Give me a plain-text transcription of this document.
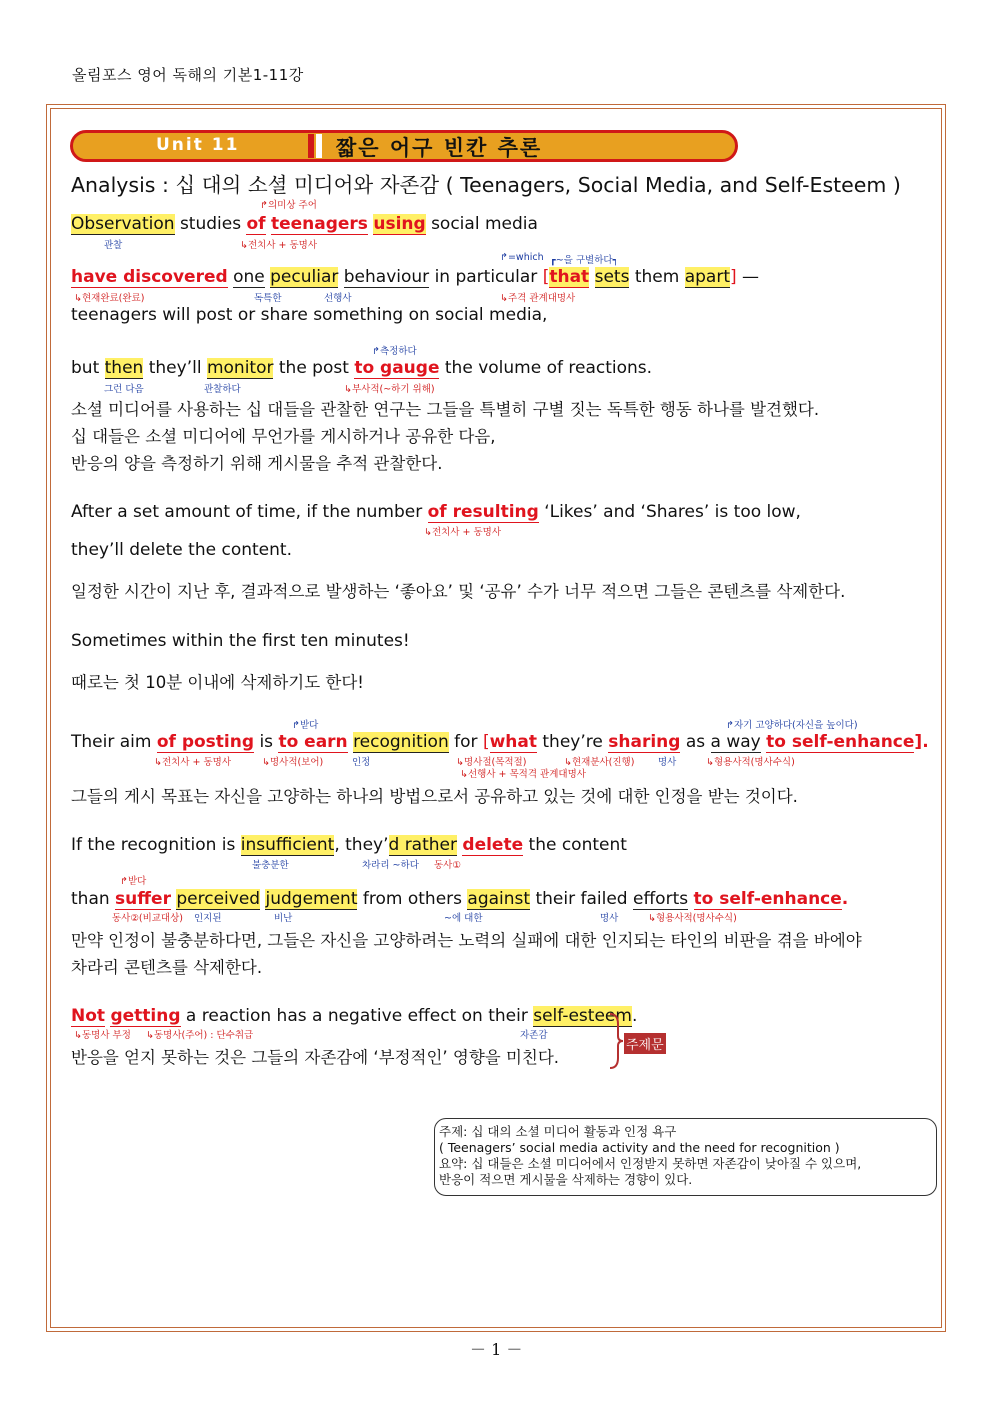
올림포스 영어 독해의 기본1-11강
Unit 11	짧은 어구 빈칸 추론
Analysis : 십 대의 소셜 미디어와 자존감 ( Teenagers, Social Media, and Self-Esteem )
↱의미상 주어
Observation studies of teenagers using social media
관찰	↳전치사 + 동명사
↱=which ┏~을 구별하다┑
have discovered one peculiar behaviour in particular [that sets them apart] —
↳현재완료(완료)	독특한	선행사	↳주격 관계대명사
teenagers will post or share something on social media,
↱측정하다
but then they’ll monitor the post to gauge the volume of reactions.
그런 다음	관찰하다	↳부사적(~하기 위해)
소셜 미디어를 사용하는 십 대들을 관찰한 연구는 그들을 특별히 구별 짓는 독특한 행동 하나를 발견했다.
십 대들은 소셜 미디어에 무언가를 게시하거나 공유한 다음,
반응의 양을 측정하기 위해 게시물을 추적 관찰한다.
After a set amount of time, if the number of resulting ‘Likes’ and ‘Shares’ is too low,
↳전치사 + 동명사
they’ll delete the content.
일정한 시간이 지난 후, 결과적으로 발생하는 ‘좋아요’ 및 ‘공유’ 수가 너무 적으면 그들은 콘텐츠를 삭제한다.
Sometimes within the first ten minutes!
때로는 첫 10분 이내에 삭제하기도 한다!
↱받다	↱자기 고양하다(자신을 높이다)
Their aim of posting is to earn recognition for [what they’re sharing as a way to self-enhance].
↳전치사 + 동명사	↳명사적(보어)	인정	↳명사절(목적절)	↳현재분사(진행) 명사	↳형용사적(명사수식)
↳선행사 + 목적격 관계대명사
그들의 게시 목표는 자신을 고양하는 하나의 방법으로서 공유하고 있는 것에 대한 인정을 받는 것이다.
If the recognition is insufficient, they’d rather delete the content
불충분한	차라리 ~하다 동사①
↱받다
than suffer perceived judgement from others against their failed efforts to self-enhance.
동사②(비교대상) 인지된	비난	~에 대한	명사	↳형용사적(명사수식)
만약 인정이 불충분하다면, 그들은 자신을 고양하려는 노력의 실패에 대한 인지되는 타인의 비판을 겪을 바에야
차라리 콘텐츠를 삭제한다.
Not getting a reaction has a negative effect on their self-esteem.
↳동명사 부정 ↳동명사(주어) : 단수취급	자존감
반응을 얻지 못하는 것은 그들의 자존감에 ‘부정적인’ 영향을 미친다.
주제문
주제: 십 대의 소셜 미디어 활동과 인정 욕구
( Teenagers’ social media activity and the need for recognition )
요약: 십 대들은 소셜 미디어에서 인정받지 못하면 자존감이 낮아질 수 있으며,
반응이 적으면 게시물을 삭제하는 경향이 있다.
－ 1 －
